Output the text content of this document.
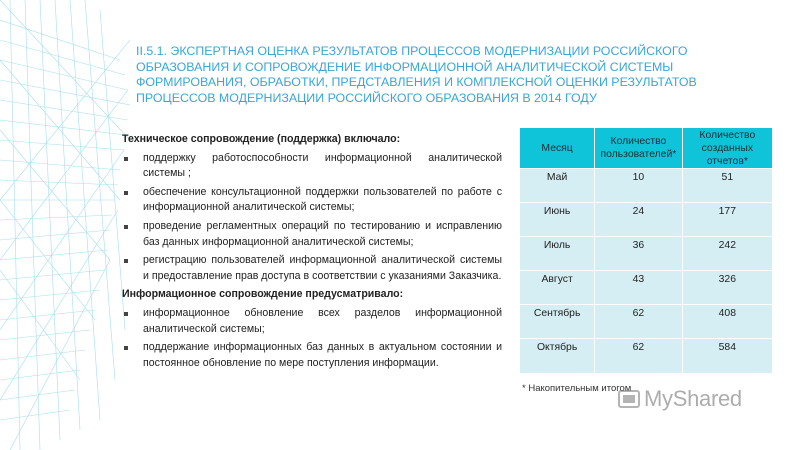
II.5.1. ЭКСПЕРТНАЯ ОЦЕНКА РЕЗУЛЬТАТОВ ПРОЦЕССОВ МОДЕРНИЗАЦИИ РОССИЙСКОГО ОБРАЗОВАНИЯ И СОПРОВОЖДЕНИЕ ИНФОРМАЦИОННОЙ АНАЛИТИЧЕСКОЙ СИСТЕМЫ ФОРМИРОВАНИЯ, ОБРАБОТКИ, ПРЕДСТАВЛЕНИЯ И КОМПЛЕКСНОЙ ОЦЕНКИ РЕЗУЛЬТАТОВ ПРОЦЕССОВ МОДЕРНИЗАЦИИ РОССИЙСКОГО ОБРАЗОВАНИЯ В 2014 ГОДУ
Техническое сопровождение (поддержка) включало:
поддержку работоспособности информационной аналитической системы ;
обеспечение консультационной поддержки пользователей по работе с информационной аналитической системы;
проведение регламентных операций по тестированию и исправлению баз данных информационной аналитической системы;
регистрацию пользователей информационной аналитической системы и предоставление прав доступа в соответствии с указаниями Заказчика.
Информационное сопровождение предусматривало:
информационное обновление всех разделов информационной аналитической системы;
поддержание информационных баз данных в актуальном состоянии и постоянное обновление по мере поступления информации.
Месяц	Количество пользователей*	Количество созданных отчетов*
Май	10	51
Июнь	24	177
Июль	36	242
Август	43	326
Сентябрь	62	408
Октябрь	62	584
* Накопительным итогом MyShared
